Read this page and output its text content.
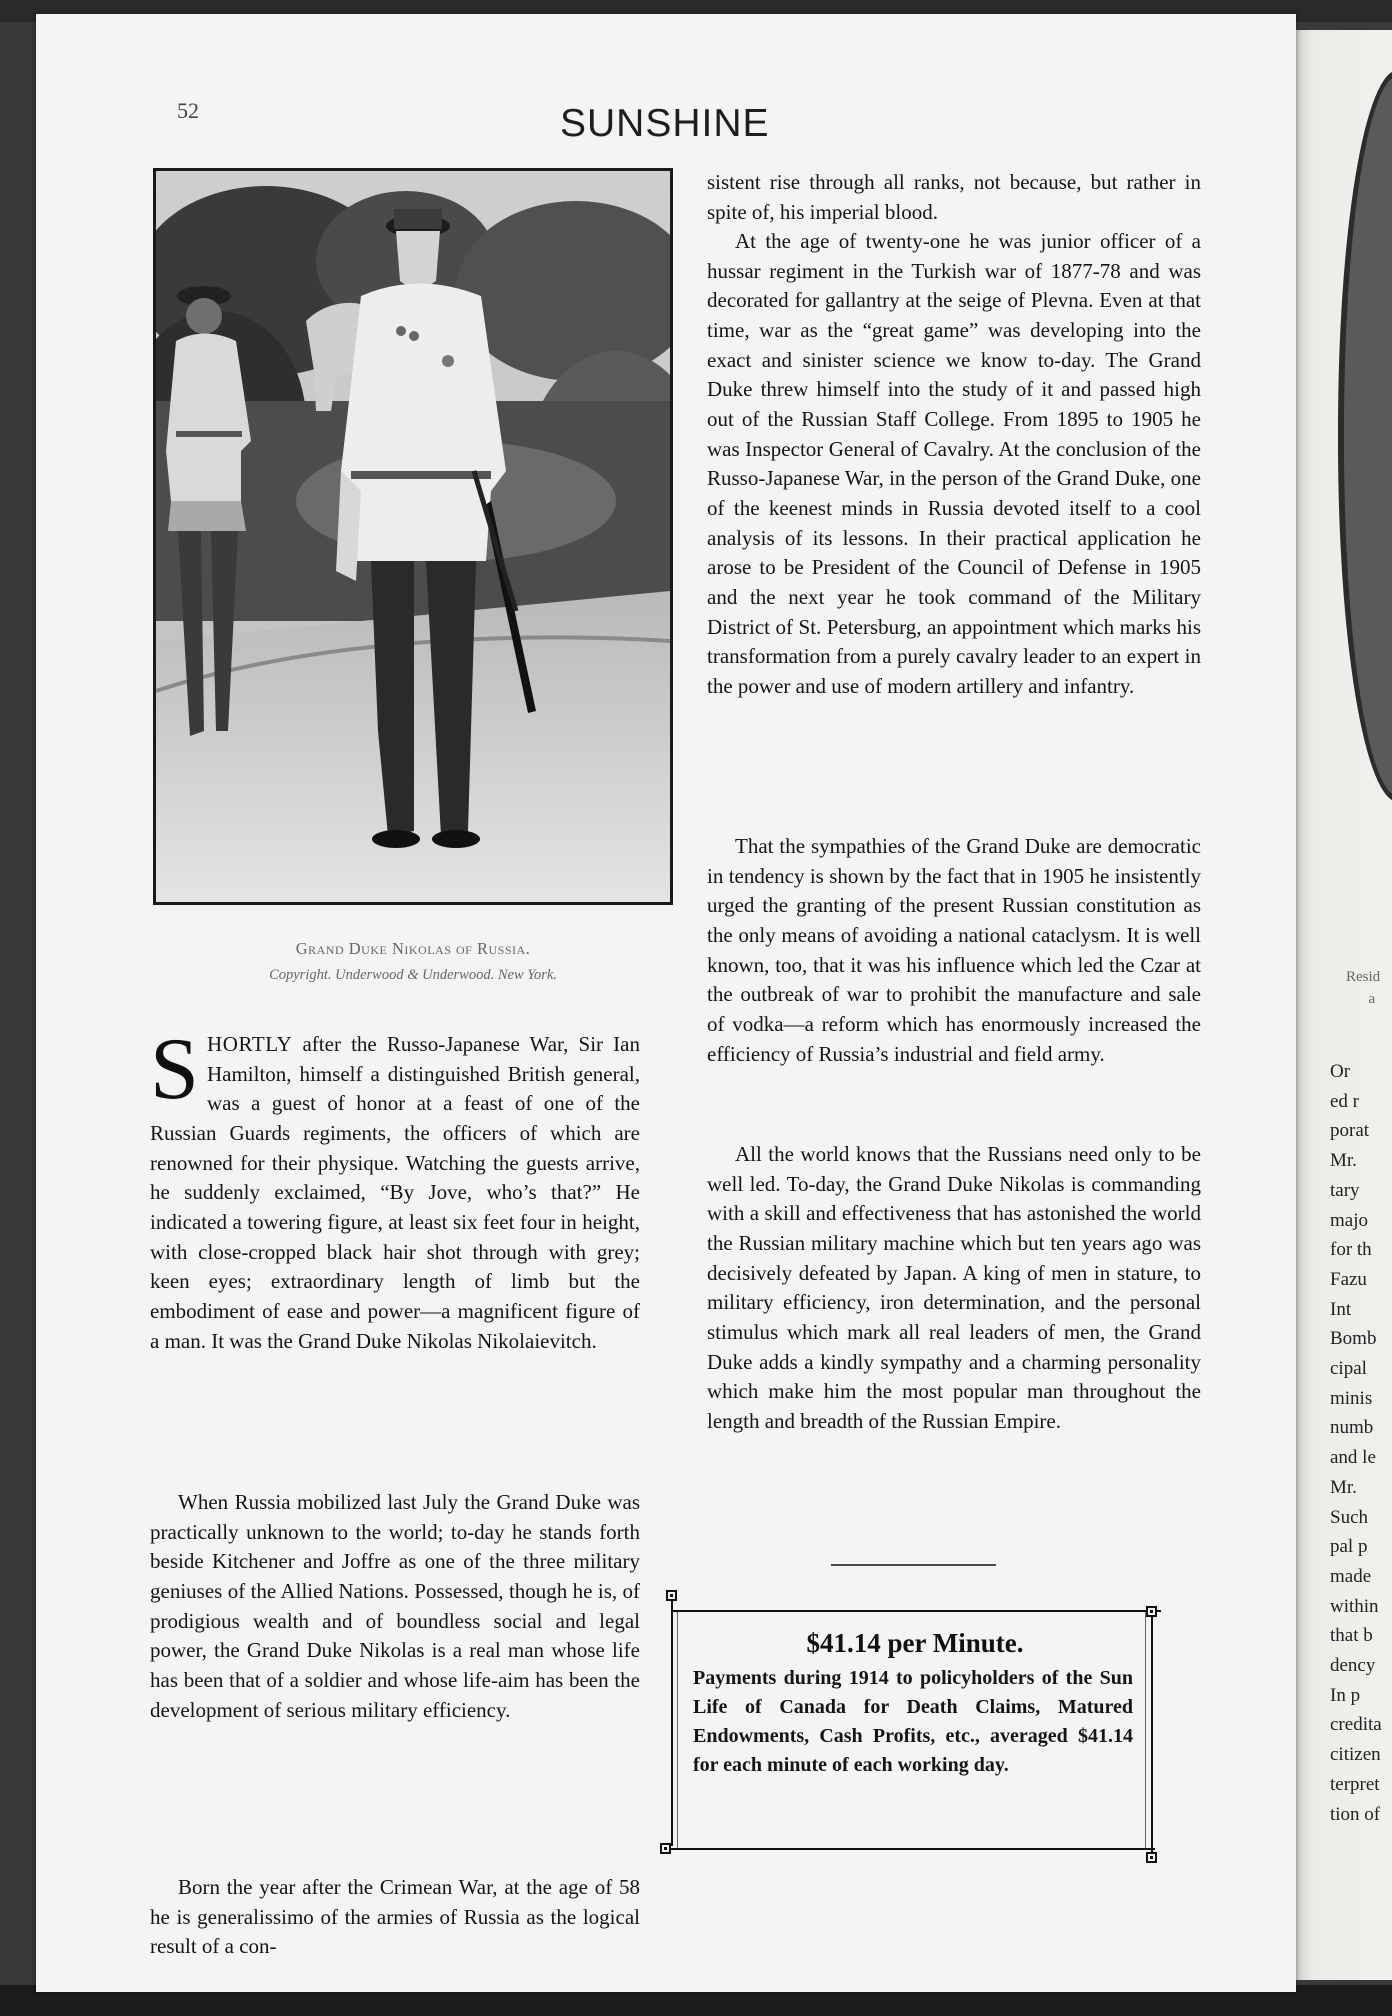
Resid
a
Or
ed r
porat
Mr.
tary
majo
for th
Fazu
Int
Bomb
cipal
minis
numb
and le
Mr.
Such
pal p
made
within
that b
dency
In p
credita
citizen
terpret
tion of
52	SUNSHINE
Grand Duke Nikolas of Russia.
Copyright. Underwood & Underwood. New York.

SHORTLY after the Russo-Japanese War, Sir Ian Hamilton, himself a distinguished British general, was a guest of honor at a feast of one of the Russian Guards regiments, the officers of which are renowned for their physique. Watching the guests arrive, he suddenly exclaimed, “By Jove, who’s that?” He indicated a towering figure, at least six feet four in height, with close-cropped black hair shot through with grey; keen eyes; extraordinary length of limb but the embodiment of ease and power—a magnificent figure of a man. It was the Grand Duke Nikolas Nikolaievitch.

When Russia mobilized last July the Grand Duke was practically unknown to the world; to-day he stands forth beside Kitchener and Joffre as one of the three military geniuses of the Allied Nations. Possessed, though he is, of prodigious wealth and of boundless social and legal power, the Grand Duke Nikolas is a real man whose life has been that of a soldier and whose life-aim has been the development of serious military efficiency.

Born the year after the Crimean War, at the age of 58 he is generalissimo of the armies of Russia as the logical result of a con-

sistent rise through all ranks, not because, but rather in spite of, his imperial blood.

At the age of twenty-one he was junior officer of a hussar regiment in the Turkish war of 1877-78 and was decorated for gallantry at the seige of Plevna. Even at that time, war as the “great game” was developing into the exact and sinister science we know to-day. The Grand Duke threw himself into the study of it and passed high out of the Russian Staff College. From 1895 to 1905 he was Inspector General of Cavalry. At the conclusion of the Russo-Japanese War, in the person of the Grand Duke, one of the keenest minds in Russia devoted itself to a cool analysis of its lessons. In their practical application he arose to be President of the Council of Defense in 1905 and the next year he took command of the Military District of St. Petersburg, an appointment which marks his transformation from a purely cavalry leader to an expert in the power and use of modern artillery and infantry.

That the sympathies of the Grand Duke are democratic in tendency is shown by the fact that in 1905 he insistently urged the granting of the present Russian constitution as the only means of avoiding a national cataclysm. It is well known, too, that it was his influence which led the Czar at the outbreak of war to prohibit the manufacture and sale of vodka—a reform which has enormously increased the efficiency of Russia’s industrial and field army.

All the world knows that the Russians need only to be well led. To-day, the Grand Duke Nikolas is commanding with a skill and effectiveness that has astonished the world the Russian military machine which but ten years ago was decisively defeated by Japan. A king of men in stature, to military efficiency, iron determination, and the personal stimulus which mark all real leaders of men, the Grand Duke adds a kindly sympathy and a charming personality which make him the most popular man throughout the length and breadth of the Russian Empire.

$41.14 per Minute.

Payments during 1914 to policyholders of the Sun Life of Canada for Death Claims, Matured Endowments, Cash Profits, etc., averaged $41.14 for each minute of each working day.
